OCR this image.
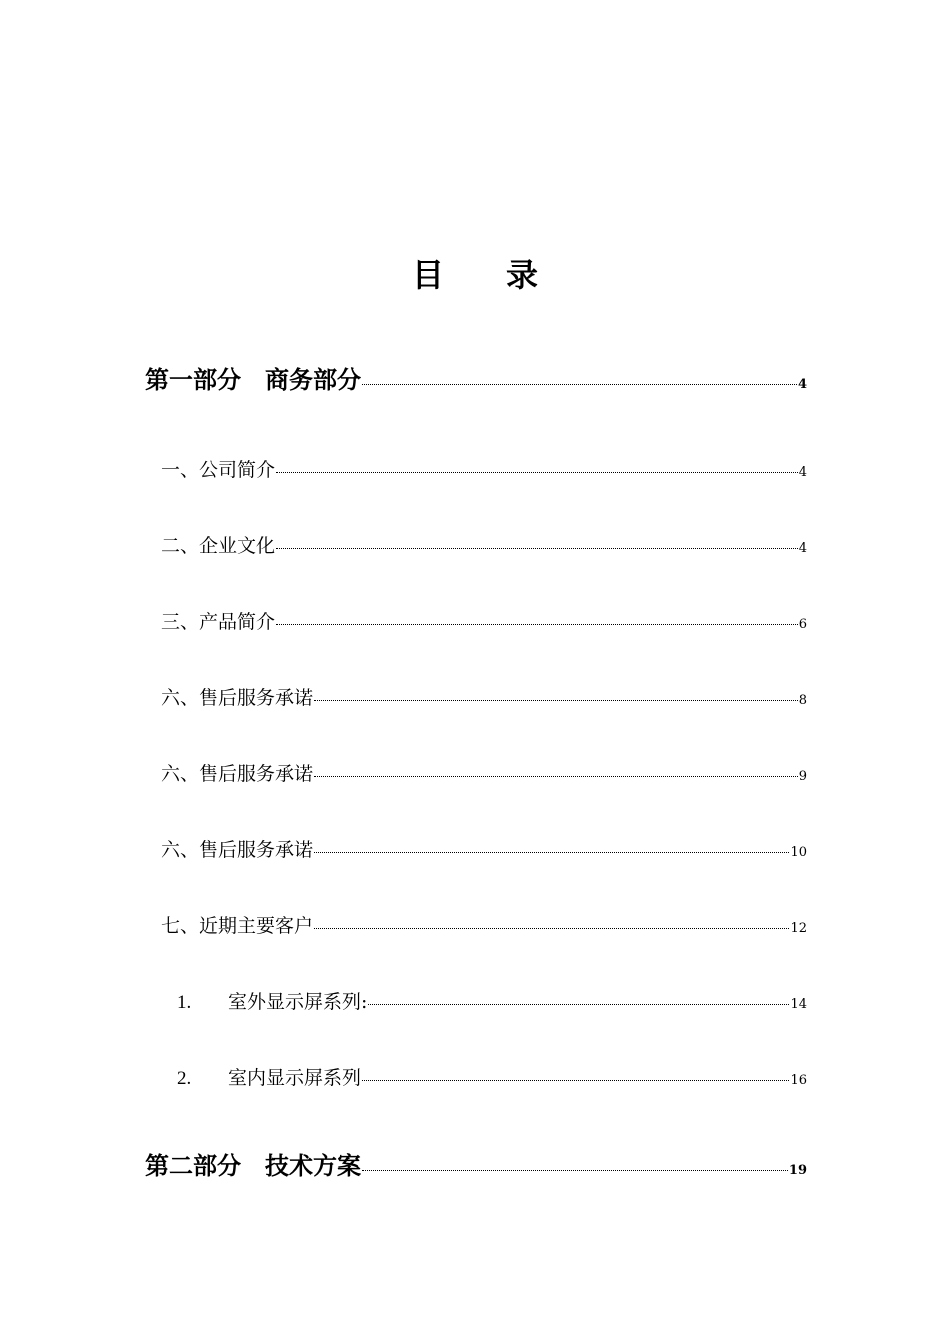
目 录
第一部分 商务部分	4
一、公司简介	4
二、企业文化	4
三、产品简介	6
六、售后服务承诺	8
六、售后服务承诺	9
六、售后服务承诺	10
七、近期主要客户	12
1. 室外显示屏系列:	14
2. 室内显示屏系列	16
第二部分 技术方案	19
